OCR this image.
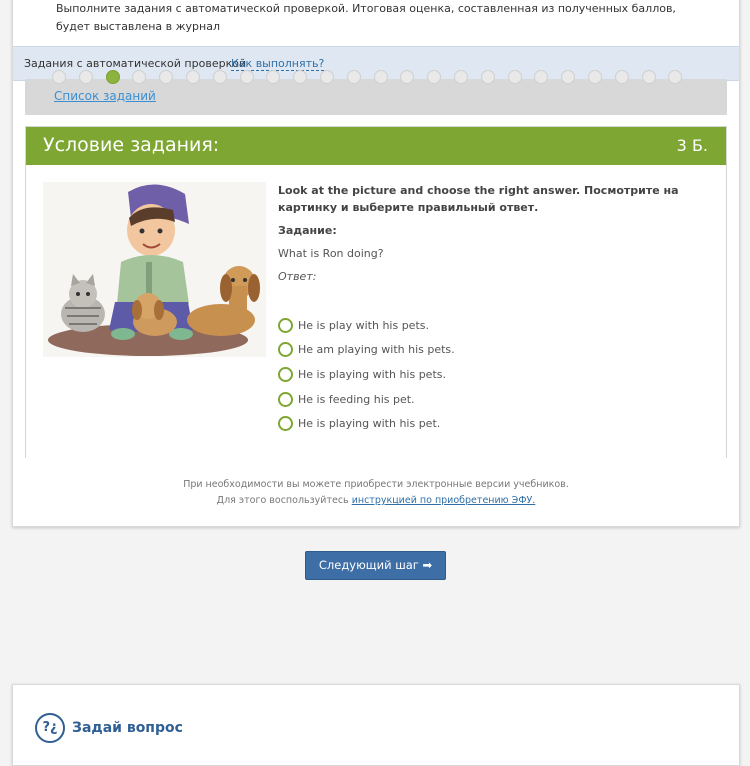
Выполните задания с автоматической проверкой. Итоговая оценка, составленная из полученных баллов, будет выставлена в журнал
Задания с автоматической проверкой
Как выполнять?
Список заданий
Условие задания:	3 Б.
Look at the picture and choose the right answer. Посмотрите на картинку и выберите правильный ответ.
Задание:
What is Ron doing?
Ответ:
He is play with his pets.
He am playing with his pets.
He is playing with his pets.
He is feeding his pet.
He is playing with his pet.
При необходимости вы можете приобрести электронные версии учебников.
Для этого воспользуйтесь инструкцией по приобретению ЭФУ.
Следующий шаг ➡
?¿	Задай вопрос
